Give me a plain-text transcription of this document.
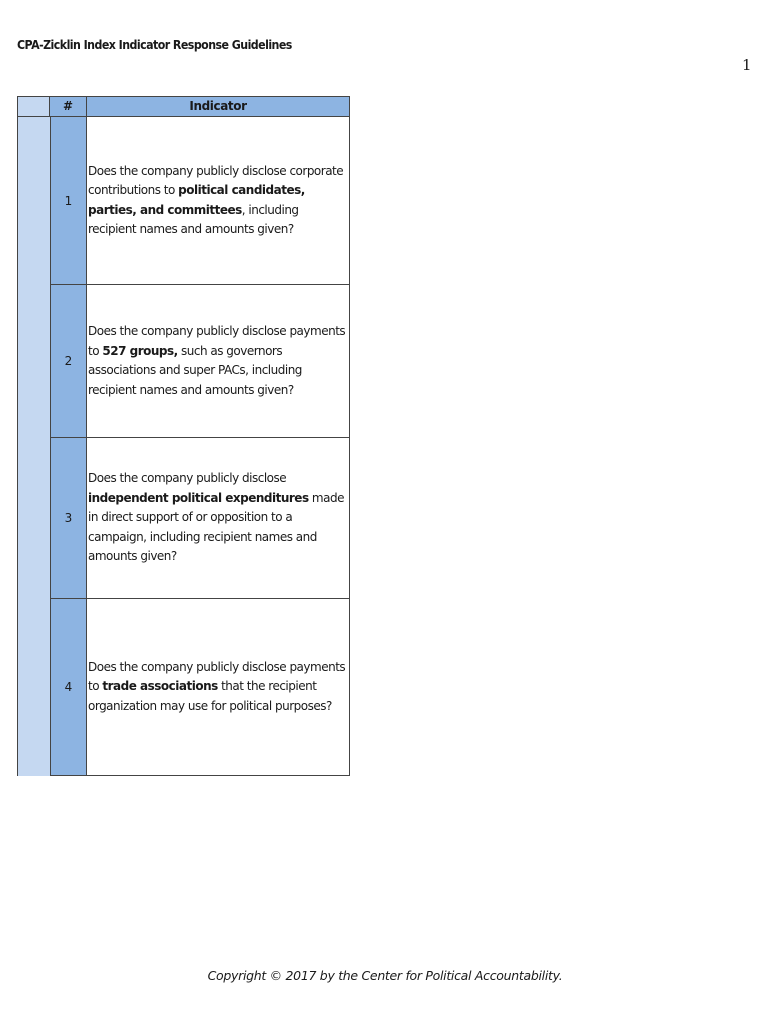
CPA-Zicklin Index Indicator Response Guidelines
1
#	Indicator
1
Does the company publicly disclose corporate contributions to political candidates, parties, and committees, including recipient names and amounts given?
2
Does the company publicly disclose payments to 527 groups, such as governors associations and super PACs, including recipient names and amounts given?
3
Does the company publicly disclose independent political expenditures made in direct support of or opposition to a campaign, including recipient names and amounts given?
4
Does the company publicly disclose payments to trade associations that the recipient organization may use for political purposes?
Copyright © 2017 by the Center for Political Accountability.
